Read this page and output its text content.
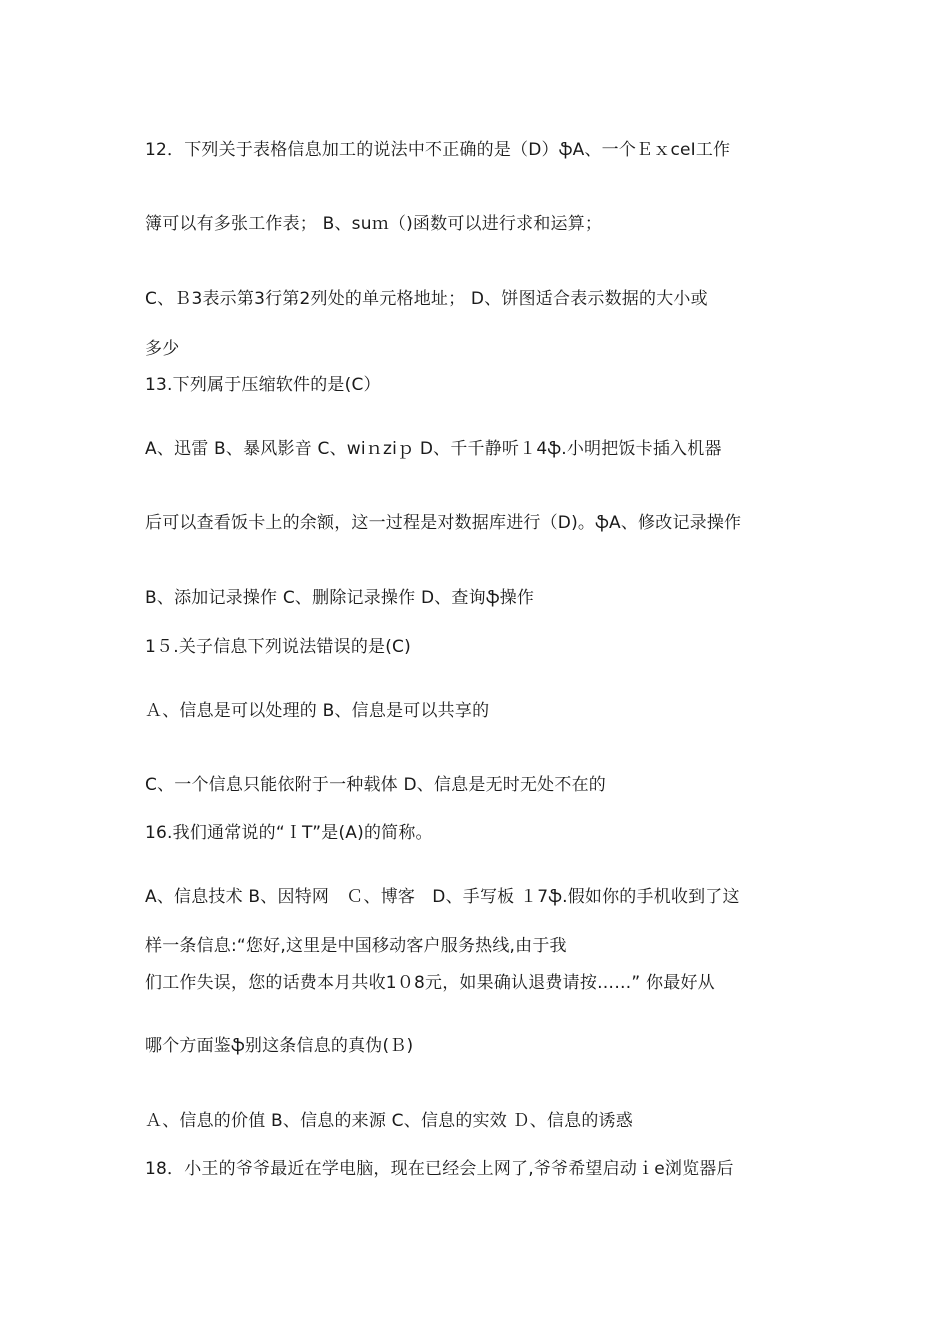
12．下列关于表格信息加工的说法中不正确的是（D）ֆA、一个ＥｘceI工作
簿可以有多张工作表； B、suｍ（)函数可以进行求和运算；
C、Ｂ3表示第3行第2列处的单元格地址； D、饼图适合表示数据的大小或
多少
13.下列属于压缩软件的是(C）
A、迅雷 B、暴风影音 C、wiｎziｐ D、千千静听１4ֆ.小明把饭卡插入机器
后可以查看饭卡上的余额，这一过程是对数据库进行（D)。ֆA、修改记录操作
B、添加记录操作 C、删除记录操作 D、查询ֆ操作
1５.关子信息下列说法错误的是(C)
Ａ、信息是可以处理的 B、信息是可以共享的
C、一个信息只能依附于一种载体 D、信息是无时无处不在的
16.我们通常说的“ＩT”是(A)的简称。
A、信息技术 B、因特网　Ｃ、博客　D、手写板 １7ֆ.假如你的手机收到了这
样一条信息:“您好,这里是中国移动客户服务热线,由于我
们工作失误，您的话费本月共收1０8元，如果确认退费请按……” 你最好从
哪个方面鉴ֆ别这条信息的真伪(Ｂ)
Ａ、信息的价值 B、信息的来源 C、信息的实效 Ｄ、信息的诱惑
18．小王的爷爷最近在学电脑，现在已经会上网了,爷爷希望启动ｉe浏览器后
